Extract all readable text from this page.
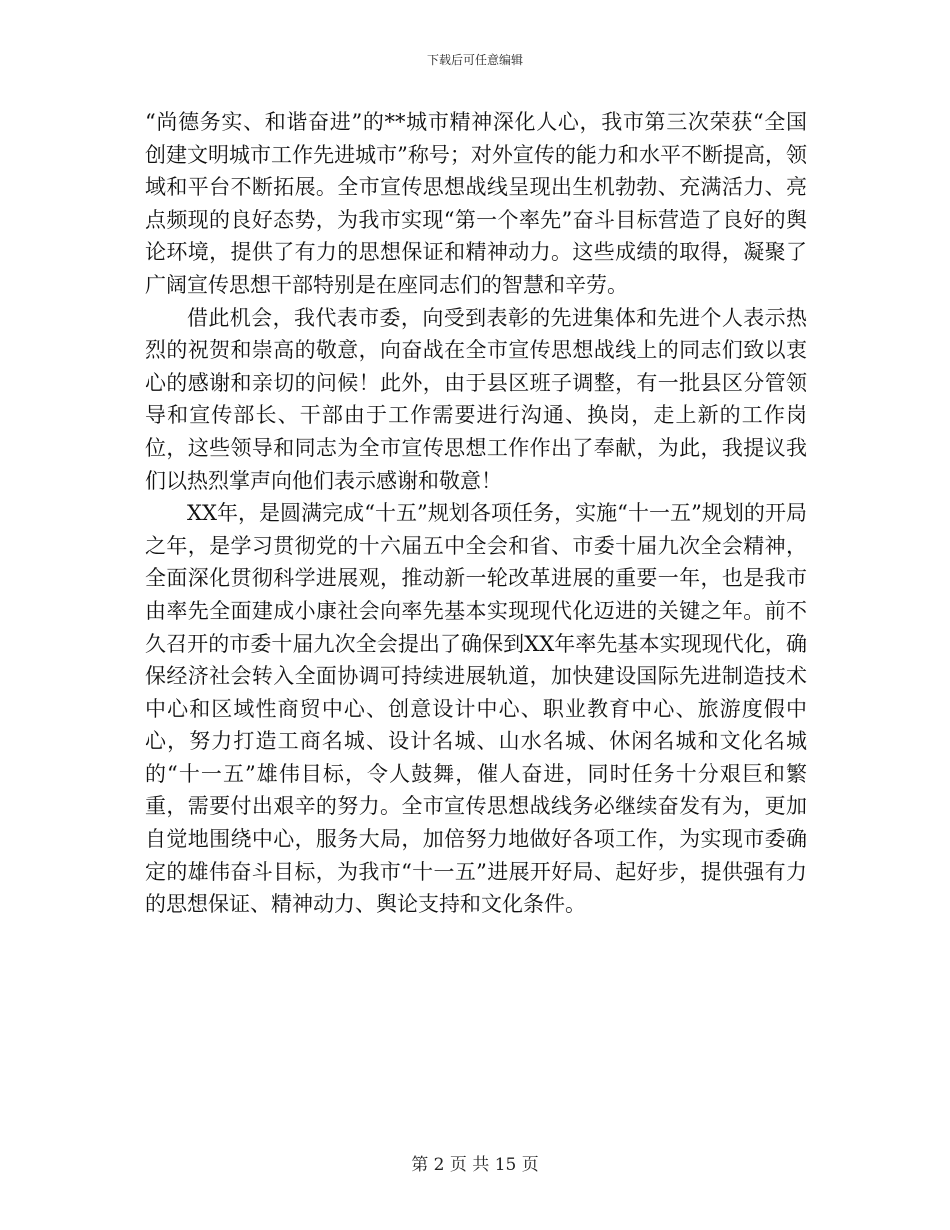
下载后可任意编辑

“尚德务实、和谐奋进”的**城市精神深化人心，我市第三次荣获“全国创建文明城市工作先进城市”称号；对外宣传的能力和水平不断提高，领域和平台不断拓展。全市宣传思想战线呈现出生机勃勃、充满活力、亮点频现的良好态势，为我市实现“第一个率先”奋斗目标营造了良好的舆论环境，提供了有力的思想保证和精神动力。这些成绩的取得，凝聚了广阔宣传思想干部特别是在座同志们的智慧和辛劳。

借此机会，我代表市委，向受到表彰的先进集体和先进个人表示热烈的祝贺和崇高的敬意，向奋战在全市宣传思想战线上的同志们致以衷心的感谢和亲切的问候！此外，由于县区班子调整，有一批县区分管领导和宣传部长、干部由于工作需要进行沟通、换岗，走上新的工作岗位，这些领导和同志为全市宣传思想工作作出了奉献，为此，我提议我们以热烈掌声向他们表示感谢和敬意！

XX年，是圆满完成“十五”规划各项任务，实施“十一五”规划的开局之年，是学习贯彻党的十六届五中全会和省、市委十届九次全会精神，全面深化贯彻科学进展观，推动新一轮改革进展的重要一年，也是我市由率先全面建成小康社会向率先基本实现现代化迈进的关键之年。前不久召开的市委十届九次全会提出了确保到XX年率先基本实现现代化，确保经济社会转入全面协调可持续进展轨道，加快建设国际先进制造技术中心和区域性商贸中心、创意设计中心、职业教育中心、旅游度假中心，努力打造工商名城、设计名城、山水名城、休闲名城和文化名城的“十一五”雄伟目标，令人鼓舞，催人奋进，同时任务十分艰巨和繁重，需要付出艰辛的努力。全市宣传思想战线务必继续奋发有为，更加自觉地围绕中心，服务大局，加倍努力地做好各项工作，为实现市委确定的雄伟奋斗目标，为我市“十一五”进展开好局、起好步，提供强有力的思想保证、精神动力、舆论支持和文化条件。

第 2 页 共 15 页
